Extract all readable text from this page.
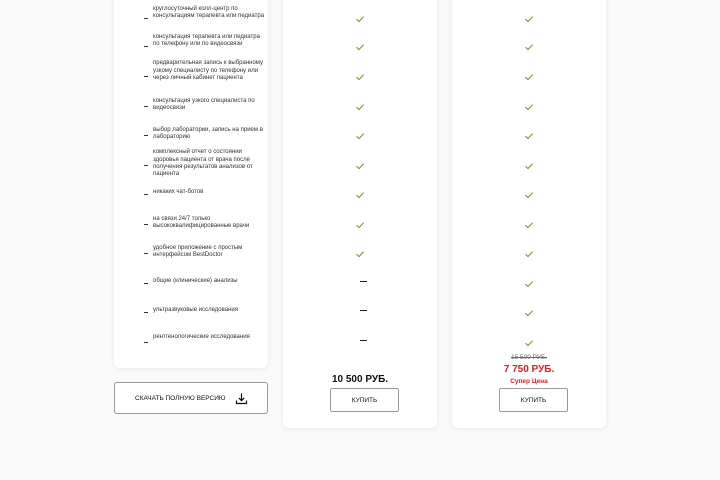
круглосуточный колл-центр по консультациям терапевта или педиатра
консультация терапевта или педиатра по телефону или по видеосвязи
предварительная запись к выбранному узкому специалисту по телефону или через личный кабинет пациента
консультация узкого специалиста по видеосвязи
выбор лаборатории, запись на прием в лабораторию
комплексный отчет о состоянии здоровья пациента от врача после получения результатов анализов от пациента
никаких чат-ботов
на связи 24/7 только высококвалифицированные врачи
удобное приложение с простым интерфейсом BestDoctor
общие (клинические) анализы
ультразвуковые исследования
рентгенологические исследования
10 500 РУБ.
КУПИТЬ
15 500 РУБ.
7 750 РУБ.
Супер Цена
КУПИТЬ
СКАЧАТЬ ПОЛНУЮ ВЕРСИЮ
